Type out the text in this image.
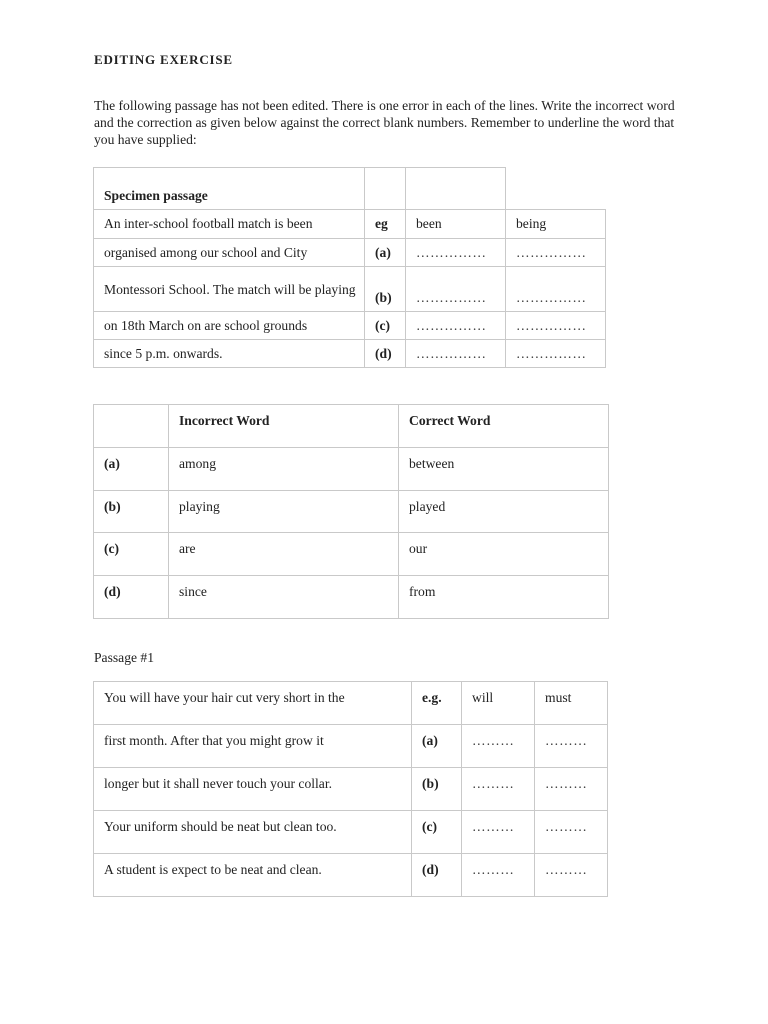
EDITING EXERCISE
The following passage has not been edited. There is one error in each of the lines. Write the incorrect word and the correction as given below against the correct blank numbers. Remember to underline the word that you have supplied:
Specimen passage			
An inter-school football match is been	eg	been	being
organised among our school and City	(a)	……………	……………
Montessori School. The match will be playing	(b)	……………	……………
on 18th March on are school grounds	(c)	……………	……………
since 5 p.m. onwards.	(d)	……………	……………
	Incorrect Word	Correct Word
(a)	among	between
(b)	playing	played
(c)	are	our
(d)	since	from
Passage #1
You will have your hair cut very short in the	e.g.	will	must
first month. After that you might grow it	(a)	………	………
longer but it shall never touch your collar.	(b)	………	………
Your uniform should be neat but clean too.	(c)	………	………
A student is expect to be neat and clean.	(d)	………	………
